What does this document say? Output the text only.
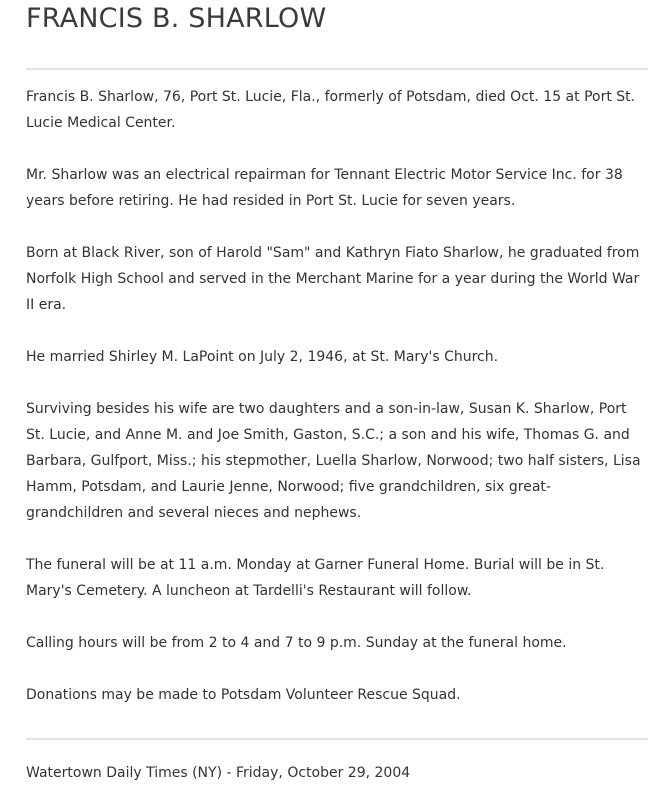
FRANCIS B. SHARLOW

Francis B. Sharlow, 76, Port St. Lucie, Fla., formerly of Potsdam, died Oct. 15 at Port St. Lucie Medical Center.

Mr. Sharlow was an electrical repairman for Tennant Electric Motor Service Inc. for 38 years before retiring. He had resided in Port St. Lucie for seven years.

Born at Black River, son of Harold "Sam" and Kathryn Fiato Sharlow, he graduated from Norfolk High School and served in the Merchant Marine for a year during the World War II era.

He married Shirley M. LaPoint on July 2, 1946, at St. Mary's Church.

Surviving besides his wife are two daughters and a son-in-law, Susan K. Sharlow, Port St. Lucie, and Anne M. and Joe Smith, Gaston, S.C.; a son and his wife, Thomas G. and Barbara, Gulfport, Miss.; his stepmother, Luella Sharlow, Norwood; two half sisters, Lisa Hamm, Potsdam, and Laurie Jenne, Norwood; five grandchildren, six great-grandchildren and several nieces and nephews.

The funeral will be at 11 a.m. Monday at Garner Funeral Home. Burial will be in St. Mary's Cemetery. A luncheon at Tardelli's Restaurant will follow.

Calling hours will be from 2 to 4 and 7 to 9 p.m. Sunday at the funeral home.

Donations may be made to Potsdam Volunteer Rescue Squad.

Watertown Daily Times (NY) - Friday, October 29, 2004
